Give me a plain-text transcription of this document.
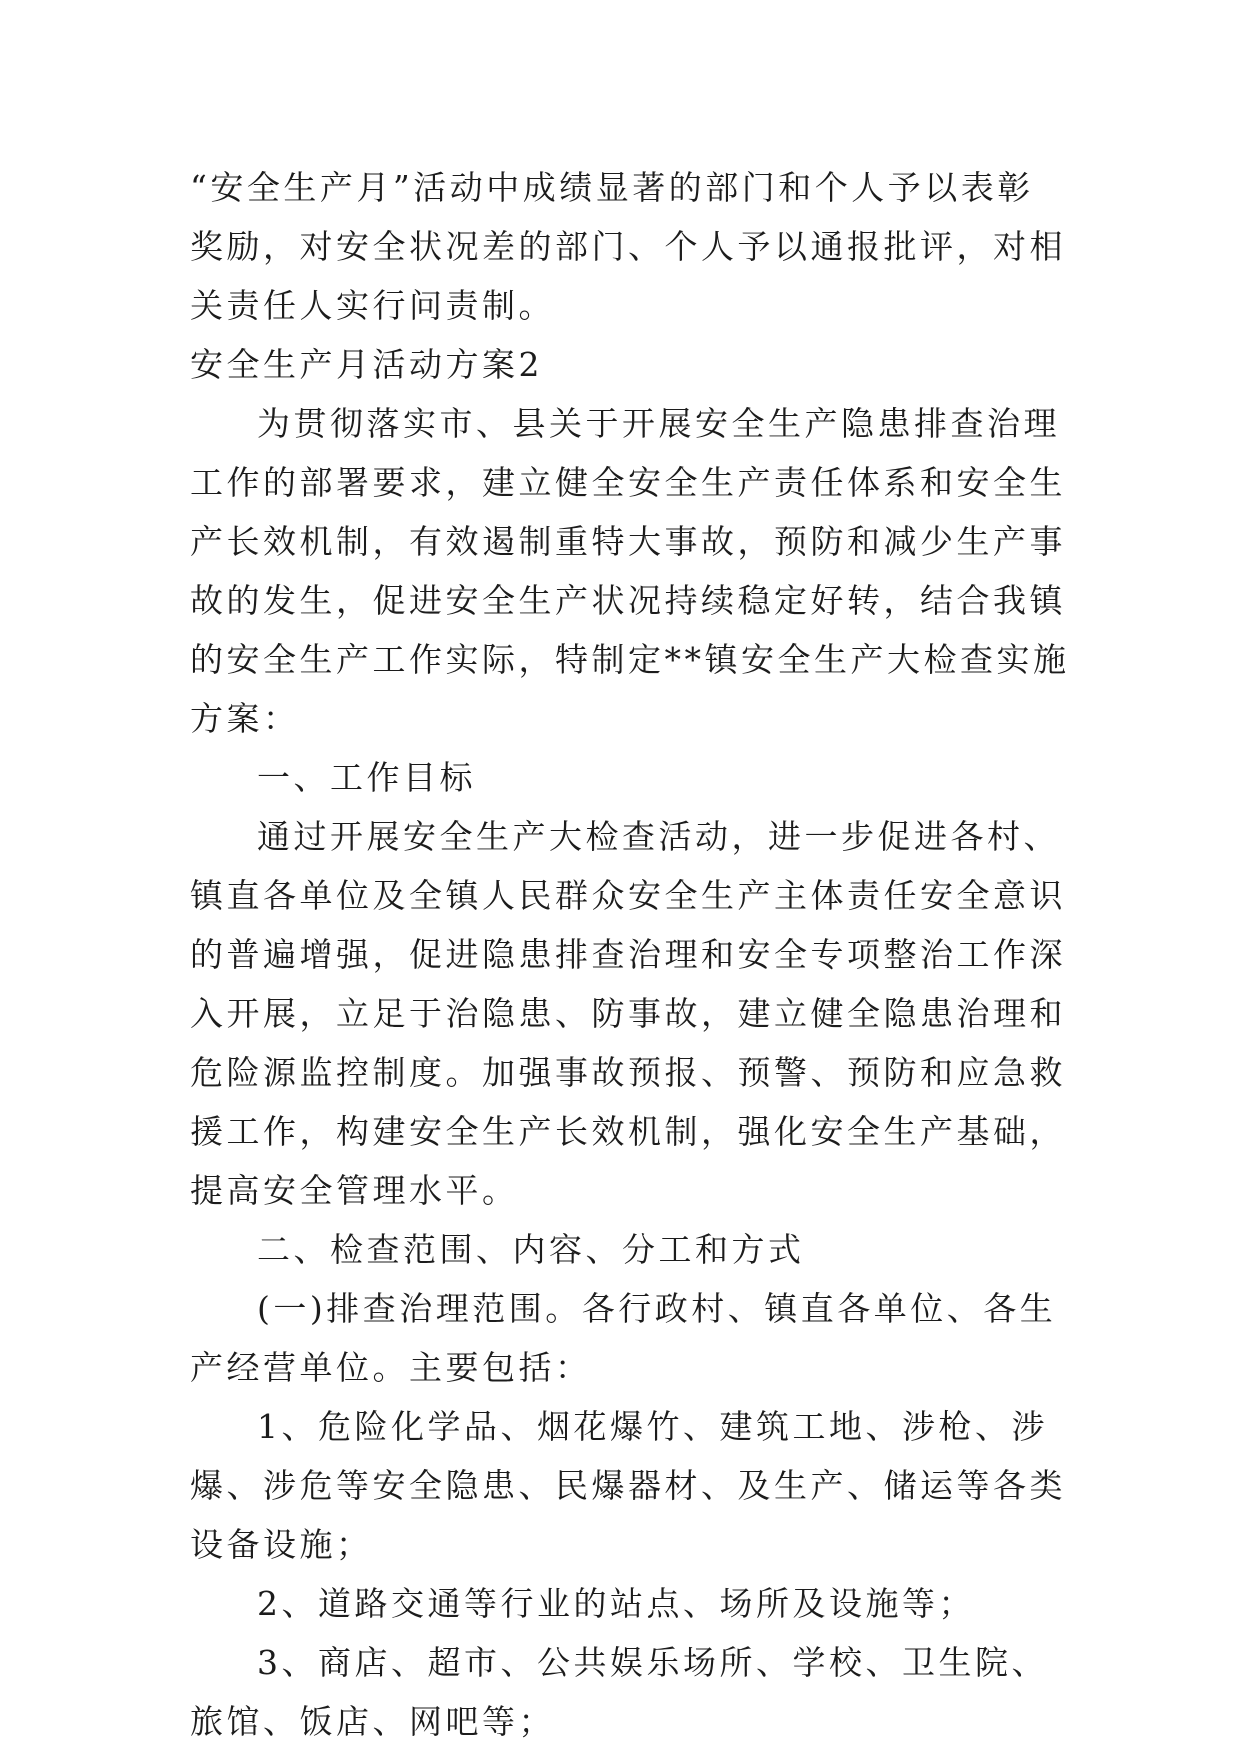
“安全生产月”活动中成绩显著的部门和个人予以表彰奖励，对安全状况差的部门、个人予以通报批评，对相关责任人实行问责制。

安全生产月活动方案2

为贯彻落实市、县关于开展安全生产隐患排查治理工作的部署要求，建立健全安全生产责任体系和安全生产长效机制，有效遏制重特大事故，预防和减少生产事故的发生，促进安全生产状况持续稳定好转，结合我镇的安全生产工作实际，特制定**镇安全生产大检查实施方案：

一、工作目标

通过开展安全生产大检查活动，进一步促进各村、镇直各单位及全镇人民群众安全生产主体责任安全意识的普遍增强，促进隐患排查治理和安全专项整治工作深入开展，立足于治隐患、防事故，建立健全隐患治理和危险源监控制度。加强事故预报、预警、预防和应急救援工作，构建安全生产长效机制，强化安全生产基础，提高安全管理水平。

二、检查范围、内容、分工和方式

(一)排查治理范围。各行政村、镇直各单位、各生产经营单位。主要包括：

1、危险化学品、烟花爆竹、建筑工地、涉枪、涉爆、涉危等安全隐患、民爆器材、及生产、储运等各类设备设施；

2、道路交通等行业的站点、场所及设施等；

3、商店、超市、公共娱乐场所、学校、卫生院、旅馆、饭店、网吧等；
